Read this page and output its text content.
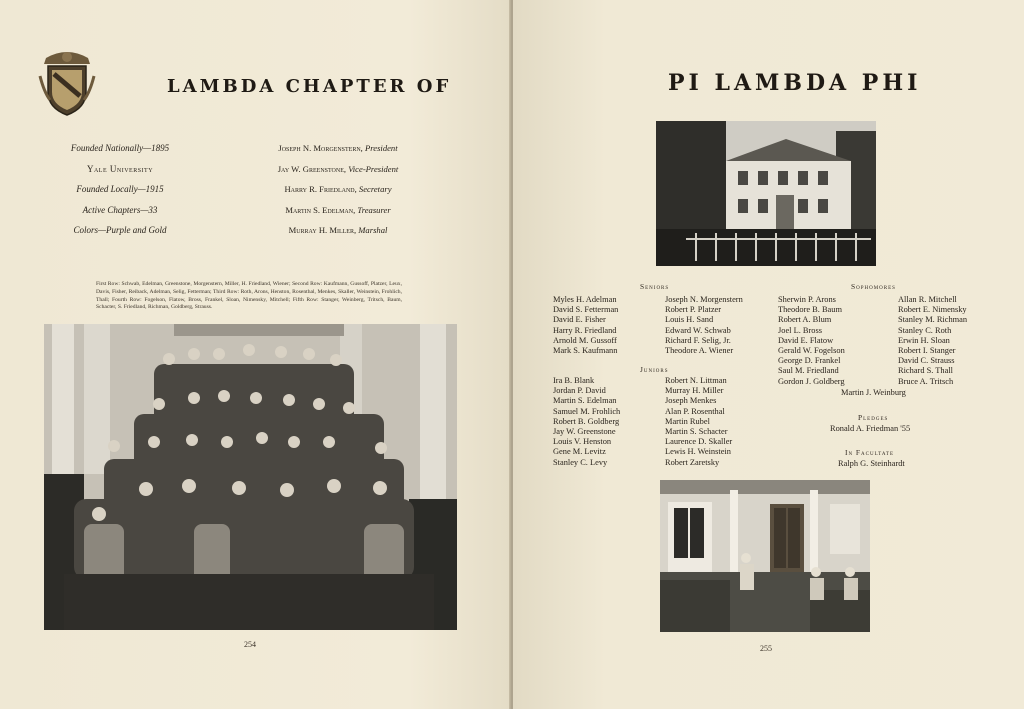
LAMBDA CHAPTER OF
Founded Nationally—1895
Yale University
Founded Locally—1915
Active Chapters—33
Colors—Purple and Gold
Joseph N. Morgenstern, President
Jay W. Greenstone, Vice-President
Harry R. Friedland, Secretary
Martin S. Edelman, Treasurer
Murray H. Miller, Marshal
First Row: Schwab, Edelman, Greenstone, Morgenstern, Miller, H. Friedland, Wiener; Second Row: Kaufmann, Gussoff, Platzer, Leux, Davis, Fisher, Reiback, Adelman, Selig, Fetterman; Third Row: Roth, Arons, Henston, Rosenthal, Menkes, Skaller, Weinstein, Frohlich, Thall; Fourth Row: Fogelson, Flatow, Bross, Frankel, Sloan, Nimensky, Mitchell; Fifth Row: Stanger, Weinberg, Tritsch, Baum, Schacter, S. Friedland, Richman, Goldberg, Strauss.
254
PI LAMBDA PHI
Seniors
Myles H. Adelman
David S. Fetterman
David E. Fisher
Harry R. Friedland
Arnold M. Gussoff
Mark S. Kaufmann
Joseph N. Morgenstern
Robert P. Platzer
Louis H. Sand
Edward W. Schwab
Richard F. Selig, Jr.
Theodore A. Wiener
Juniors
Ira B. Blank
Jordan P. David
Martin S. Edelman
Samuel M. Frohlich
Robert B. Goldberg
Jay W. Greenstone
Louis V. Henston
Gene M. Levitz
Stanley C. Levy
Robert N. Littman
Murray H. Miller
Joseph Menkes
Alan P. Rosenthal
Martin Rubel
Martin S. Schacter
Laurence D. Skaller
Lewis H. Weinstein
Robert Zaretsky
Sophomores
Sherwin P. Arons
Theodore B. Baum
Robert A. Blum
Joel L. Bross
David E. Flatow
Gerald W. Fogelson
George D. Frankel
Saul M. Friedland
Gordon J. Goldberg
Allan R. Mitchell
Robert E. Nimensky
Stanley M. Richman
Stanley C. Roth
Erwin H. Sloan
Robert I. Stanger
David C. Strauss
Richard S. Thall
Bruce A. Tritsch
Martin J. Weinburg
Pledges
Ronald A. Friedman '55
In Facultate
Ralph G. Steinhardt
255
